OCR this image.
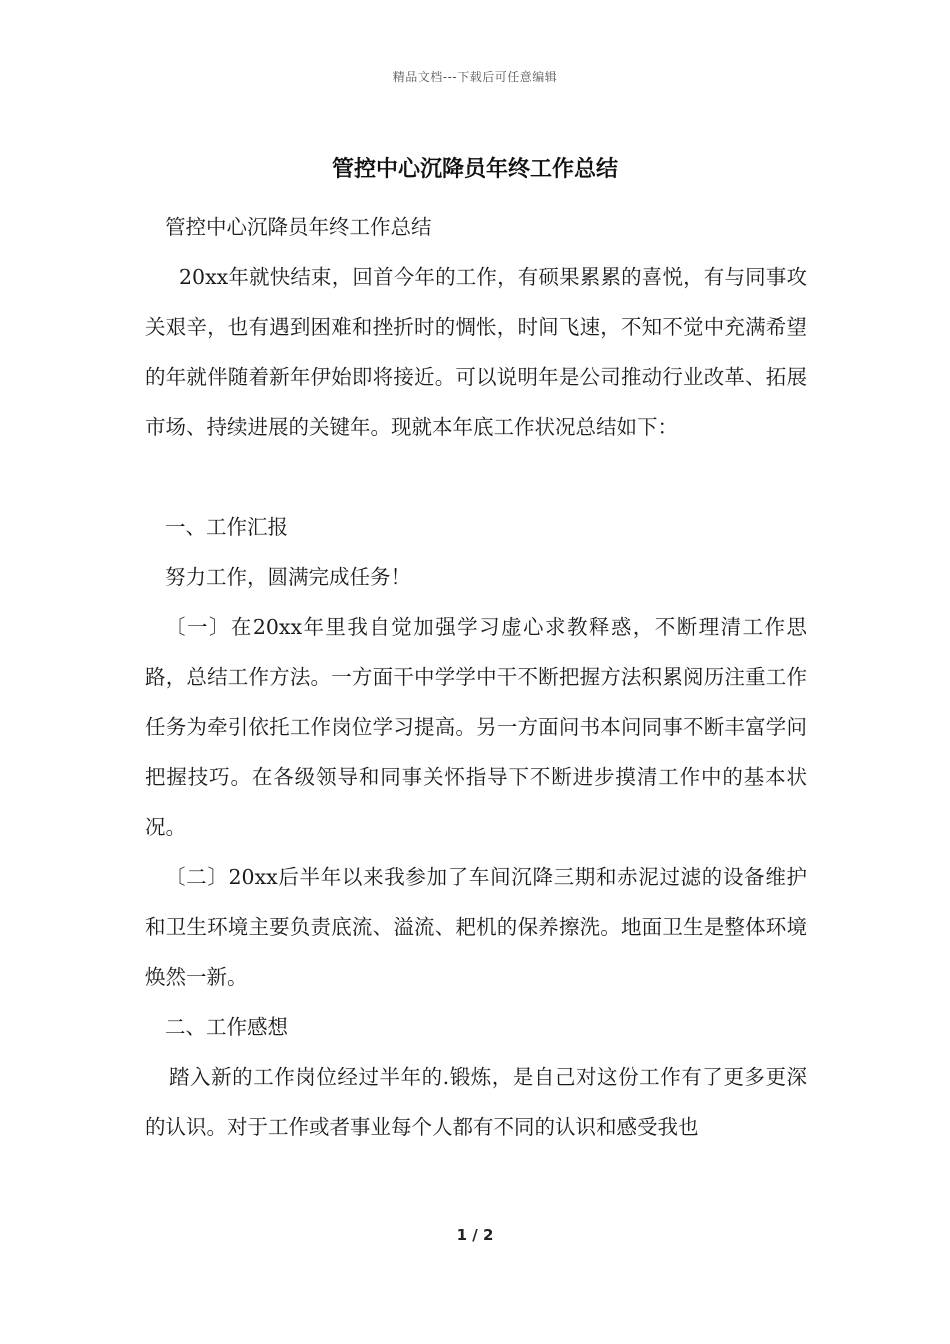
精品文档---下载后可任意编辑
管控中心沉降员年终工作总结

管控中心沉降员年终工作总结

20xx年就快结束，回首今年的工作，有硕果累累的喜悦，有与同事攻关艰辛，也有遇到困难和挫折时的惆怅，时间飞速，不知不觉中充满希望的年就伴随着新年伊始即将接近。可以说明年是公司推动行业改革、拓展市场、持续进展的关键年。现就本年底工作状况总结如下：

一、工作汇报

努力工作，圆满完成任务！

〔一〕在20xx年里我自觉加强学习虚心求教释惑，不断理清工作思路，总结工作方法。一方面干中学学中干不断把握方法积累阅历注重工作任务为牵引依托工作岗位学习提高。另一方面问书本问同事不断丰富学问把握技巧。在各级领导和同事关怀指导下不断进步摸清工作中的基本状况。

〔二〕20xx后半年以来我参加了车间沉降三期和赤泥过滤的设备维护和卫生环境主要负责底流、溢流、耙机的保养擦洗。地面卫生是整体环境焕然一新。

二、工作感想

踏入新的工作岗位经过半年的.锻炼，是自己对这份工作有了更多更深的认识。对于工作或者事业每个人都有不同的认识和感受我也

1 / 2
